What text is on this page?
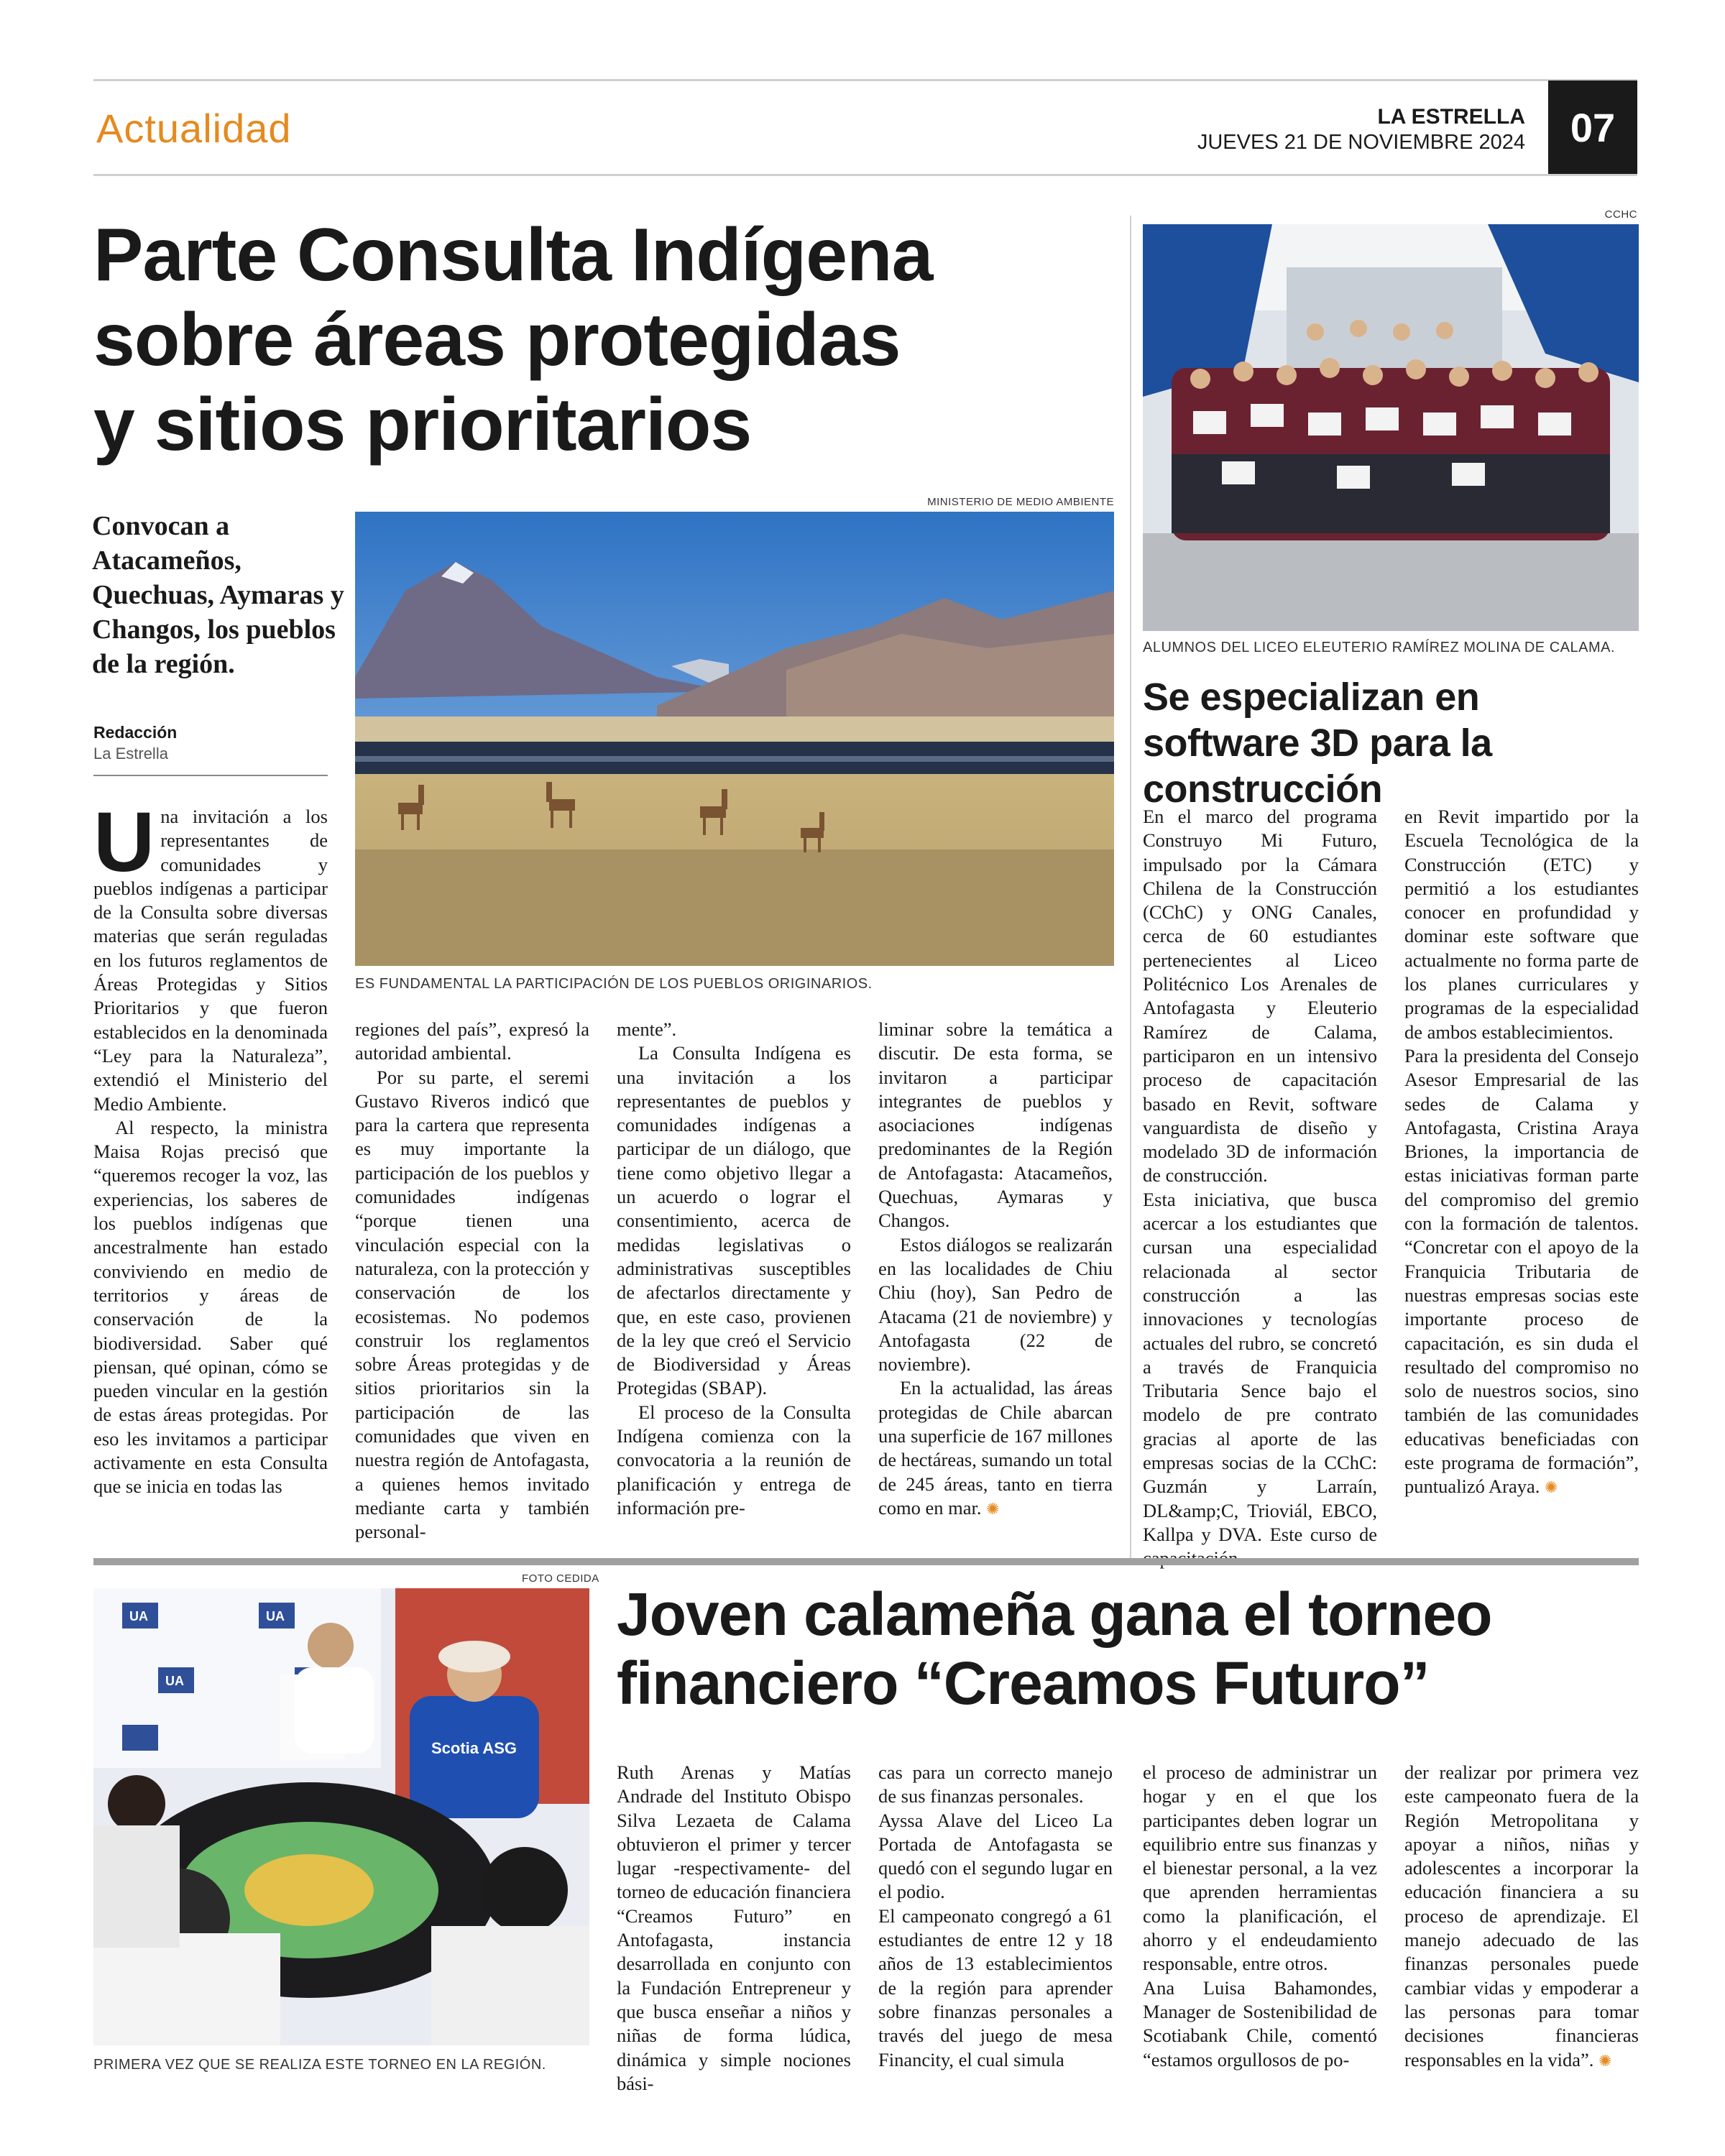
Actualidad	LA ESTRELLA
JUEVES 21 DE NOVIEMBRE 2024	07
Parte Consulta Indígena
sobre áreas protegidas
y sitios prioritarios
Convocan a Atacameños, Quechuas, Aymaras y Changos, los pueblos de la región.
Redacción
La Estrella
MINISTERIO DE MEDIO AMBIENTE
ES FUNDAMENTAL LA PARTICIPACIÓN DE LOS PUEBLOS ORIGINARIOS.

Una invitación a los representantes de comunidades y pueblos indígenas a participar de la Consulta sobre diversas materias que serán reguladas en los futuros reglamentos de Áreas Protegidas y Sitios Prioritarios y que fueron establecidos en la denominada “Ley para la Naturaleza”, extendió el Ministerio del Medio Ambiente.

Al respecto, la ministra Maisa Rojas precisó que “queremos recoger la voz, las experiencias, los saberes de los pueblos indígenas que ancestralmente han estado conviviendo en medio de territorios y áreas de conservación de la biodiversidad. Saber qué piensan, qué opinan, cómo se pueden vincular en la gestión de estas áreas protegidas. Por eso les invitamos a participar activamente en esta Consulta que se inicia en todas las

regiones del país”, expresó la autoridad ambiental.

Por su parte, el seremi Gustavo Riveros indicó que para la cartera que representa es muy importante la participación de los pueblos y comunidades indígenas “porque tienen una vinculación especial con la naturaleza, con la protección y conservación de los ecosistemas. No podemos construir los reglamentos sobre Áreas protegidas y de sitios prioritarios sin la participación de las comunidades que viven en nuestra región de Antofagasta, a quienes hemos invitado mediante carta y también personal-

mente”.

La Consulta Indígena es una invitación a los representantes de pueblos y comunidades indígenas a participar de un diálogo, que tiene como objetivo llegar a un acuerdo o lograr el consentimiento, acerca de medidas legislativas o administrativas susceptibles de afectarlos directamente y que, en este caso, provienen de la ley que creó el Servicio de Biodiversidad y Áreas Protegidas (SBAP).

El proceso de la Consulta Indígena comienza con la convocatoria a la reunión de planificación y entrega de información pre-

liminar sobre la temática a discutir. De esta forma, se invitaron a participar integrantes de pueblos y asociaciones indígenas predominantes de la Región de Antofagasta: Atacameños, Quechuas, Aymaras y Changos.

Estos diálogos se realizarán en las localidades de Chiu Chiu (hoy), San Pedro de Atacama (21 de noviembre) y Antofagasta (22 de noviembre).

En la actualidad, las áreas protegidas de Chile abarcan una superficie de 167 millones de hectáreas, sumando un total de 245 áreas, tanto en tierra como en mar. ✺

CCHC
ALUMNOS DEL LICEO ELEUTERIO RAMÍREZ MOLINA DE CALAMA.
Se especializan en software 3D para la construcción

En el marco del programa Construyo Mi Futuro, impulsado por la Cámara Chilena de la Construcción (CChC) y ONG Canales, cerca de 60 estudiantes pertenecientes al Liceo Politécnico Los Arenales de Antofagasta y Eleuterio Ramírez de Calama, participaron en un intensivo proceso de capacitación basado en Revit, software vanguardista de diseño y modelado 3D de información de construcción.

Esta iniciativa, que busca acercar a los estudiantes que cursan una especialidad relacionada al sector construcción a las innovaciones y tecnologías actuales del rubro, se concretó a través de Franquicia Tributaria Sence bajo el modelo de pre contrato gracias al aporte de las empresas socias de la CChC: Guzmán y Larraín, DL&amp;C, Trioviál, EBCO, Kallpa y DVA. Este curso de

en Revit impartido por la Escuela Tecnológica de la Construcción (ETC) y permitió a los estudiantes conocer en profundidad y dominar este software que actualmente no forma parte de los planes curriculares y programas de la especialidad de ambos establecimientos.

Para la presidenta del Consejo Asesor Empresarial de las sedes de Calama y Antofagasta, Cristina Araya Briones, la importancia de estas iniciativas forman parte del compromiso del gremio con la formación de talentos. “Concretar con el apoyo de la Franquicia Tributaria de nuestras empresas socias este importante proceso de capacitación, es sin duda el resultado del compromiso no solo de nuestros socios, sino también de las comunidades educativas beneficiadas con este programa de formación”, puntualizó Araya. ✺

FOTO CEDIDA
UA	UA
UA
Scotia ASG
PRIMERA VEZ QUE SE REALIZA ESTE TORNEO EN LA REGIÓN.
Joven calameña gana el torneo
financiero “Creamos Futuro”

Ruth Arenas y Matías Andrade del Instituto Obispo Silva Lezaeta de Calama obtuvieron el primer y tercer lugar -respectivamente- del torneo de educación financiera “Creamos Futuro” en Antofagasta, instancia desarrollada en conjunto con la Fundación Entrepreneur y que busca enseñar a niños y niñas de forma lúdica, dinámica y simple nociones bási-

cas para un correcto manejo de sus finanzas personales.

Ayssa Alave del Liceo La Portada de Antofagasta se quedó con el segundo lugar en el podio.

El campeonato congregó a 61 estudiantes de entre 12 y 18 años de 13 establecimientos de la región para aprender sobre finanzas personales a través del juego de mesa Financity, el cual simula

el proceso de administrar un hogar y en el que los participantes deben lograr un equilibrio entre sus finanzas y el bienestar personal, a la vez que aprenden herramientas como la planificación, el ahorro y el endeudamiento responsable, entre otros.

Ana Luisa Bahamondes, Manager de Sostenibilidad de Scotiabank Chile, comentó “estamos orgullosos de po-

der realizar por primera vez este campeonato fuera de la Región Metropolitana y apoyar a niños, niñas y adolescentes a incorporar la educación financiera a su proceso de aprendizaje. El manejo adecuado de las finanzas personales puede cambiar vidas y empoderar a las personas para tomar decisiones financieras responsables en la vida”. ✺
